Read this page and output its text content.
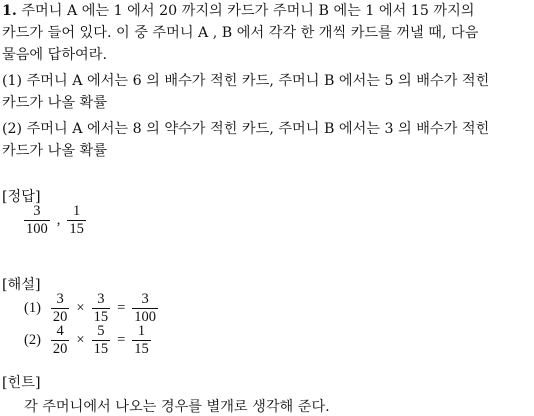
1. 주머니 A 에는 1 에서 20 까지의 카드가 주머니 B 에는 1 에서 15 까지의
카드가 들어 있다. 이 중 주머니 A , B 에서 각각 한 개씩 카드를 꺼낼 때, 다음
물음에 답하여라.
(1) 주머니 A 에서는 6 의 배수가 적힌 카드, 주머니 B 에서는 5 의 배수가 적힌
카드가 나올 확률
(2) 주머니 A 에서는 8 의 약수가 적힌 카드, 주머니 B 에서는 3 의 배수가 적힌
카드가 나올 확률
[정답]
$\frac{3}{100}$ , $\frac{1}{15}$
[해설]
$(1) \frac{3}{20} \times \frac{3}{15} = \frac{3}{100}$
$(2) \frac{4}{20} \times \frac{5}{15} = \frac{1}{15}$
[힌트]
각 주머니에서 나오는 경우를 별개로 생각해 준다.
